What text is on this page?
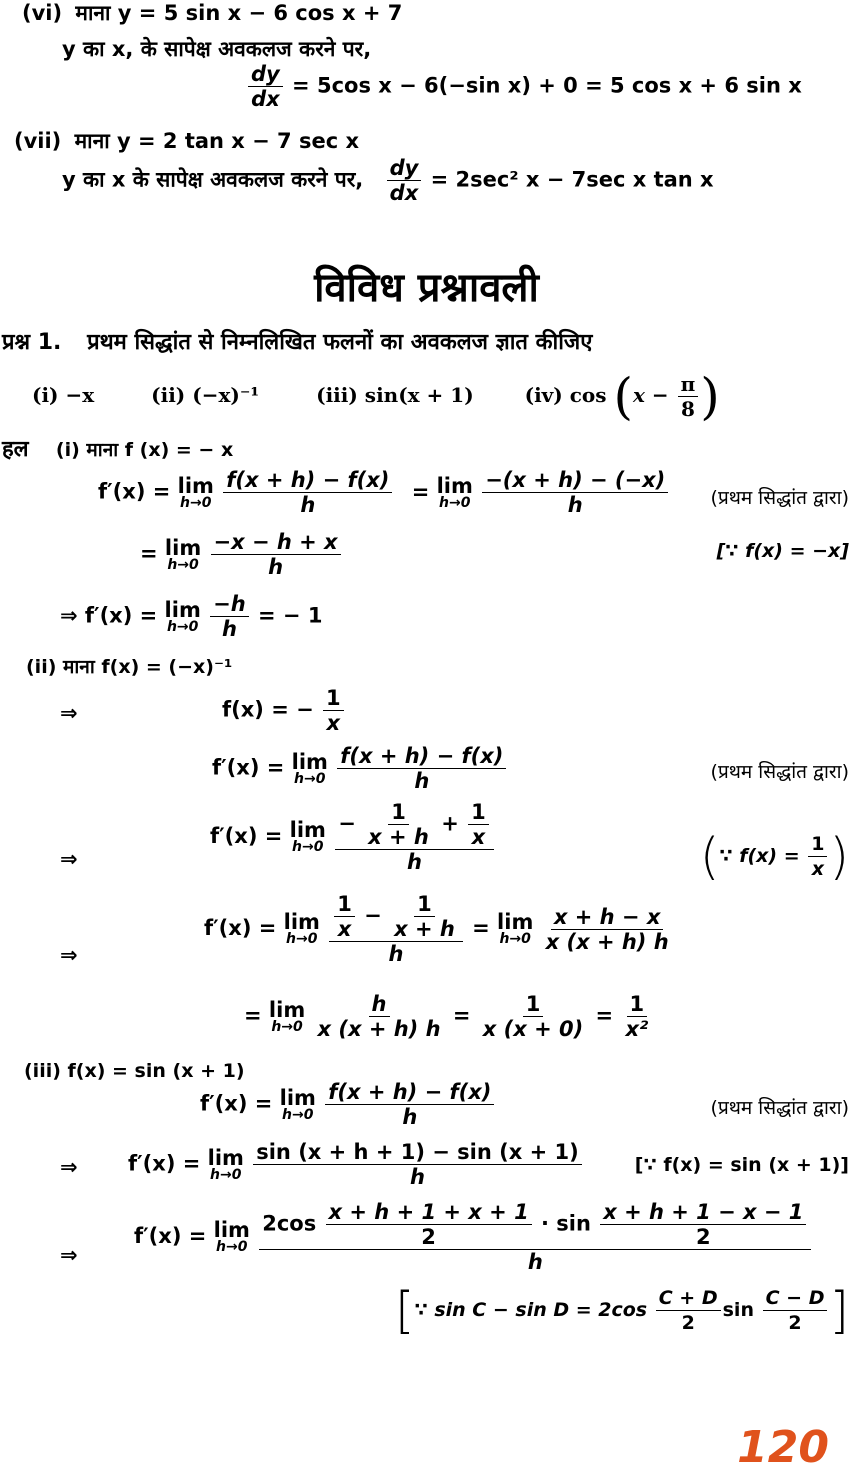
(vi) माना y = 5 sin x − 6 cos x + 7
y का x, के सापेक्ष अवकलज करने पर,
$\frac{dy}{dx} = 5\cos$ x − 6(−sin x) + 0 = 5 cos x + 6 sin x
(vii) माना y = 2 tan x − 7 sec x
y का x के सापेक्ष अवकलज करने पर, $\frac{dy}{dx} = 2\sec^2$ x − 7sec x tan x
विविध प्रश्नावली
प्रश्न 1. प्रथम सिद्धांत से निम्नलिखित फलनों का अवकलज ज्ञात कीजिए
(i) −x	(ii) (−x)⁻¹	(iii) sin(x + 1)	(iv) $\cos (x - \frac{\pi}{8}$ )
हल (i) माना f (x) = − x
f′(x) = lim
h→0
$\frac{f(x + h) - f(x)}{h} = \lim$
h→0
$\frac{-(x + h) - (-x)}{h}$ (प्रथम सिद्धांत द्वारा)
= lim
h→0
$\frac{-x - h + x}{h}$	[∵ f(x) = −x]
⇒ f′(x) = lim
h→0
$\frac{-h}{h}$ = − 1
(ii) माना f(x) = (−x)⁻¹
⇒	f(x) = − $\frac{1}{x}$
f′(x) = lim
h→0
$\frac{f(x + h) - f(x)}{h}$	(प्रथम सिद्धांत द्वारा)
⇒
f′(x) = lim
h→0
$\frac{- \frac{1}{x + h} + \frac{1}{x}}{h}$	(∵ $f(x) = \frac{1}{x}$ )
⇒
f′(x) = lim
h→0
$\frac{\frac{1}{x} - \frac{1}{x + h}}{h} = \lim$
h→0
$\frac{x + h - x}{x (x + h) h}$
= lim
h→0
$\frac{h}{x (x + h) h} = \frac{1}{x (x + 0)} = \frac{1}{\text{x²}}$
(iii) f(x) = sin (x + 1)
f′(x) = lim
h→0
$\frac{f(x + h) - f(x)}{h}$	(प्रथम सिद्धांत द्वारा)
⇒ f′(x) = lim
h→0
$\frac{\sin (x + h + 1) - \sin (x + 1)}{h}$	[∵ f(x) = sin (x + 1)]
⇒
f′(x) = lim
h→0

$2\cos \frac{x + h + 1 + x + 1}{2} \cdot \sin \frac{x + h + 1 - x - 1}{2}$
h
[∵ $\sin C - \sin D = 2\cos \frac{C + D}{2}$ $\sin \frac{C - D}{2}$ ]
120
